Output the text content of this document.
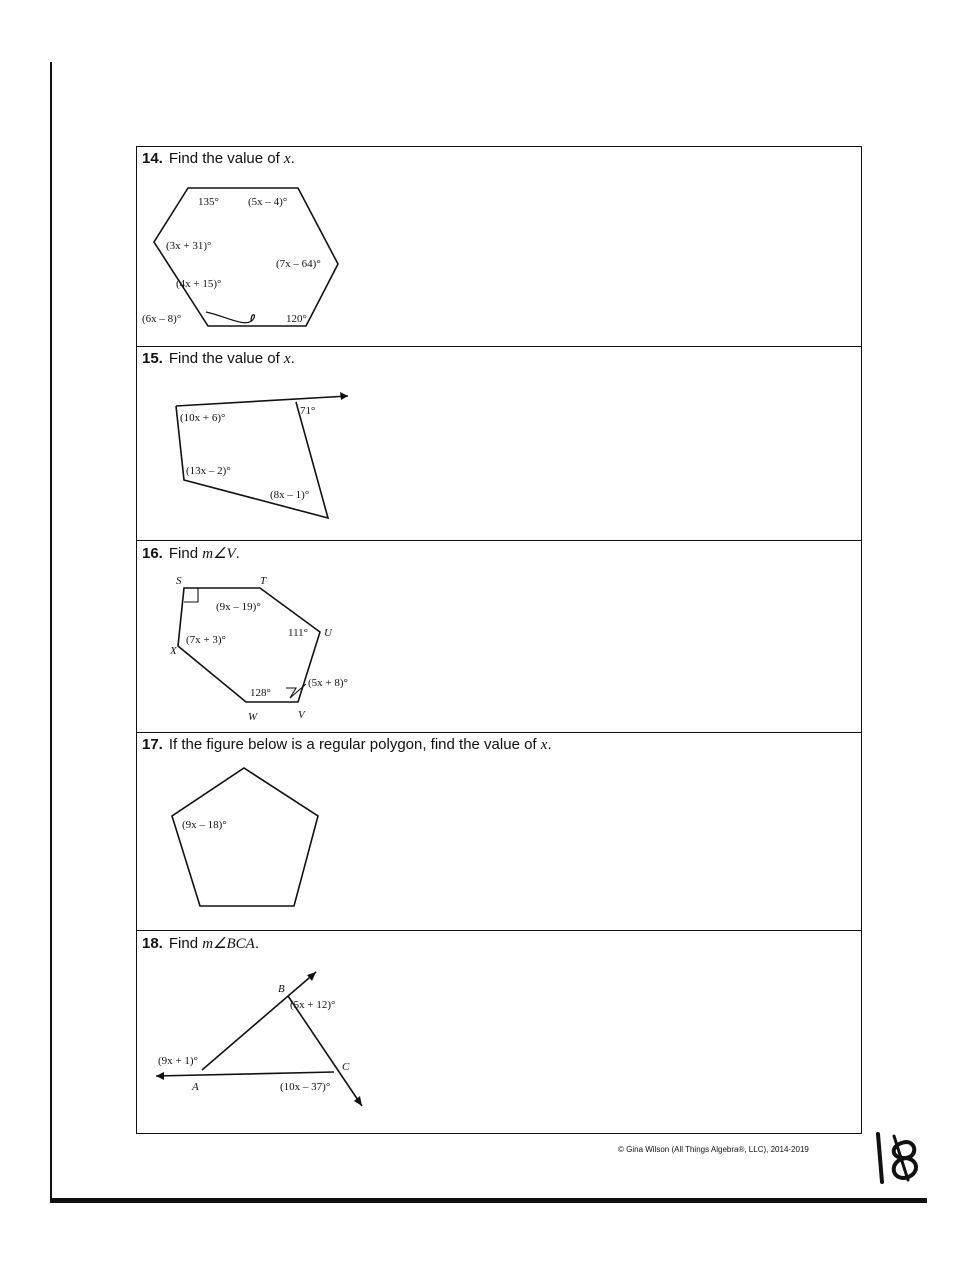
14. Find the value of x.
135°	(5x – 4)°
(3x + 31)°
(7x – 64)°
(4x + 15)°
(6x – 8)°	120°
15. Find the value of x.
(10x + 6)°
71°
(13x – 2)°
(8x – 1)°
16. Find m∠V.
S	T
U
V
W
X
(9x – 19)°
111°
(7x + 3)°
128°
(5x + 8)°
17. If the figure below is a regular polygon, find the value of x.
(9x – 18)°
18. Find m∠BCA.
B
A
C
(5x + 12)°
(9x + 1)°
(10x – 37)°
© Gina Wilson (All Things Algebra®, LLC), 2014-2019
